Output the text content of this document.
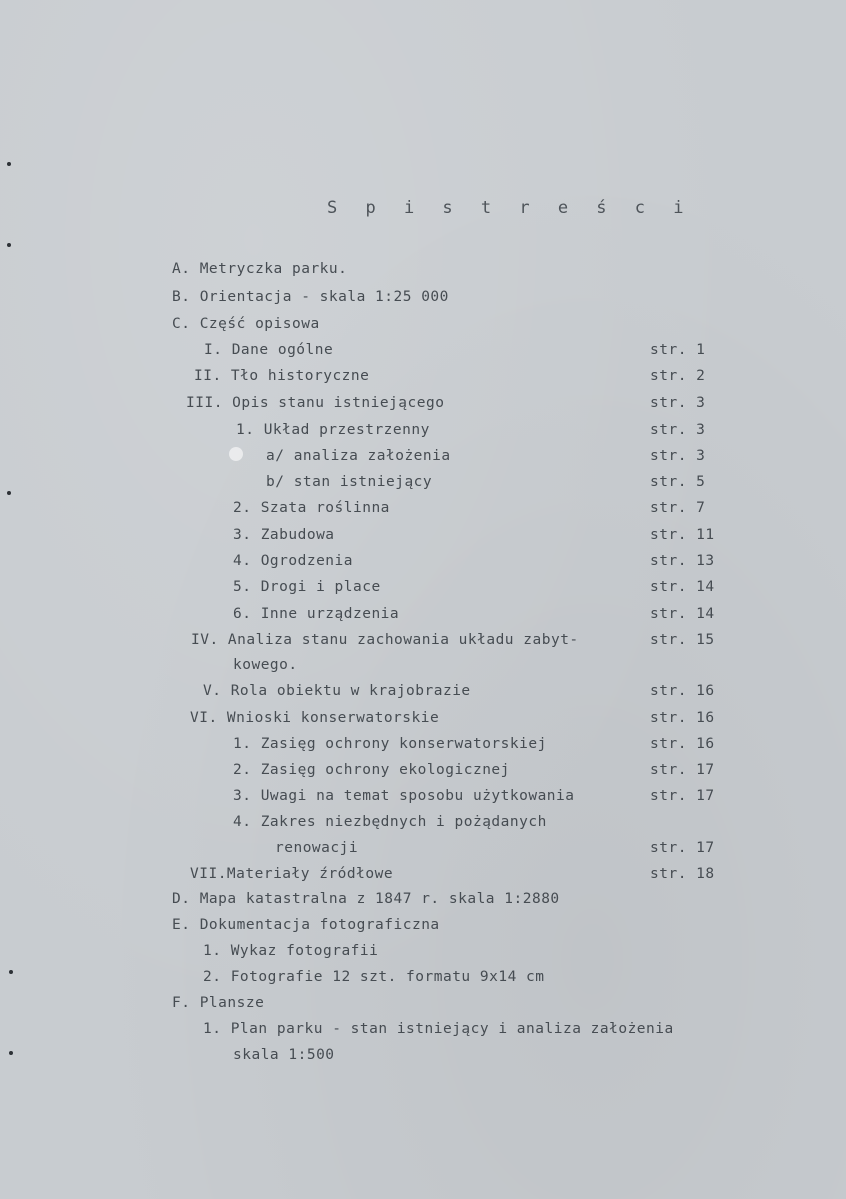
S p i s t r e ś c i
A. Metryczka parku.
B. Orientacja - skala 1:25 000
C. Część opisowa
I. Dane ogólne
II. Tło historyczne
III. Opis stanu istniejącego
1. Układ przestrzenny
a/ analiza założenia
b/ stan istniejący
2. Szata roślinna
3. Zabudowa
4. Ogrodzenia
5. Drogi i place
6. Inne urządzenia
IV. Analiza stanu zachowania układu zabyt-
kowego.
V. Rola obiektu w krajobrazie
VI. Wnioski konserwatorskie
1. Zasięg ochrony konserwatorskiej
2. Zasięg ochrony ekologicznej
3. Uwagi na temat sposobu użytkowania
4. Zakres niezbędnych i pożądanych
renowacji
VII.Materiały źródłowe
D. Mapa katastralna z 1847 r. skala 1:2880
E. Dokumentacja fotograficzna
1. Wykaz fotografii
2. Fotografie 12 szt. formatu 9x14 cm
F. Plansze
1. Plan parku - stan istniejący i analiza założenia
skala 1:500
str. 1
str. 2
str. 3
str. 3
str. 3
str. 5
str. 7
str. 11
str. 13
str. 14
str. 14
str. 15
str. 16
str. 16
str. 16
str. 17
str. 17
str. 17
str. 18
